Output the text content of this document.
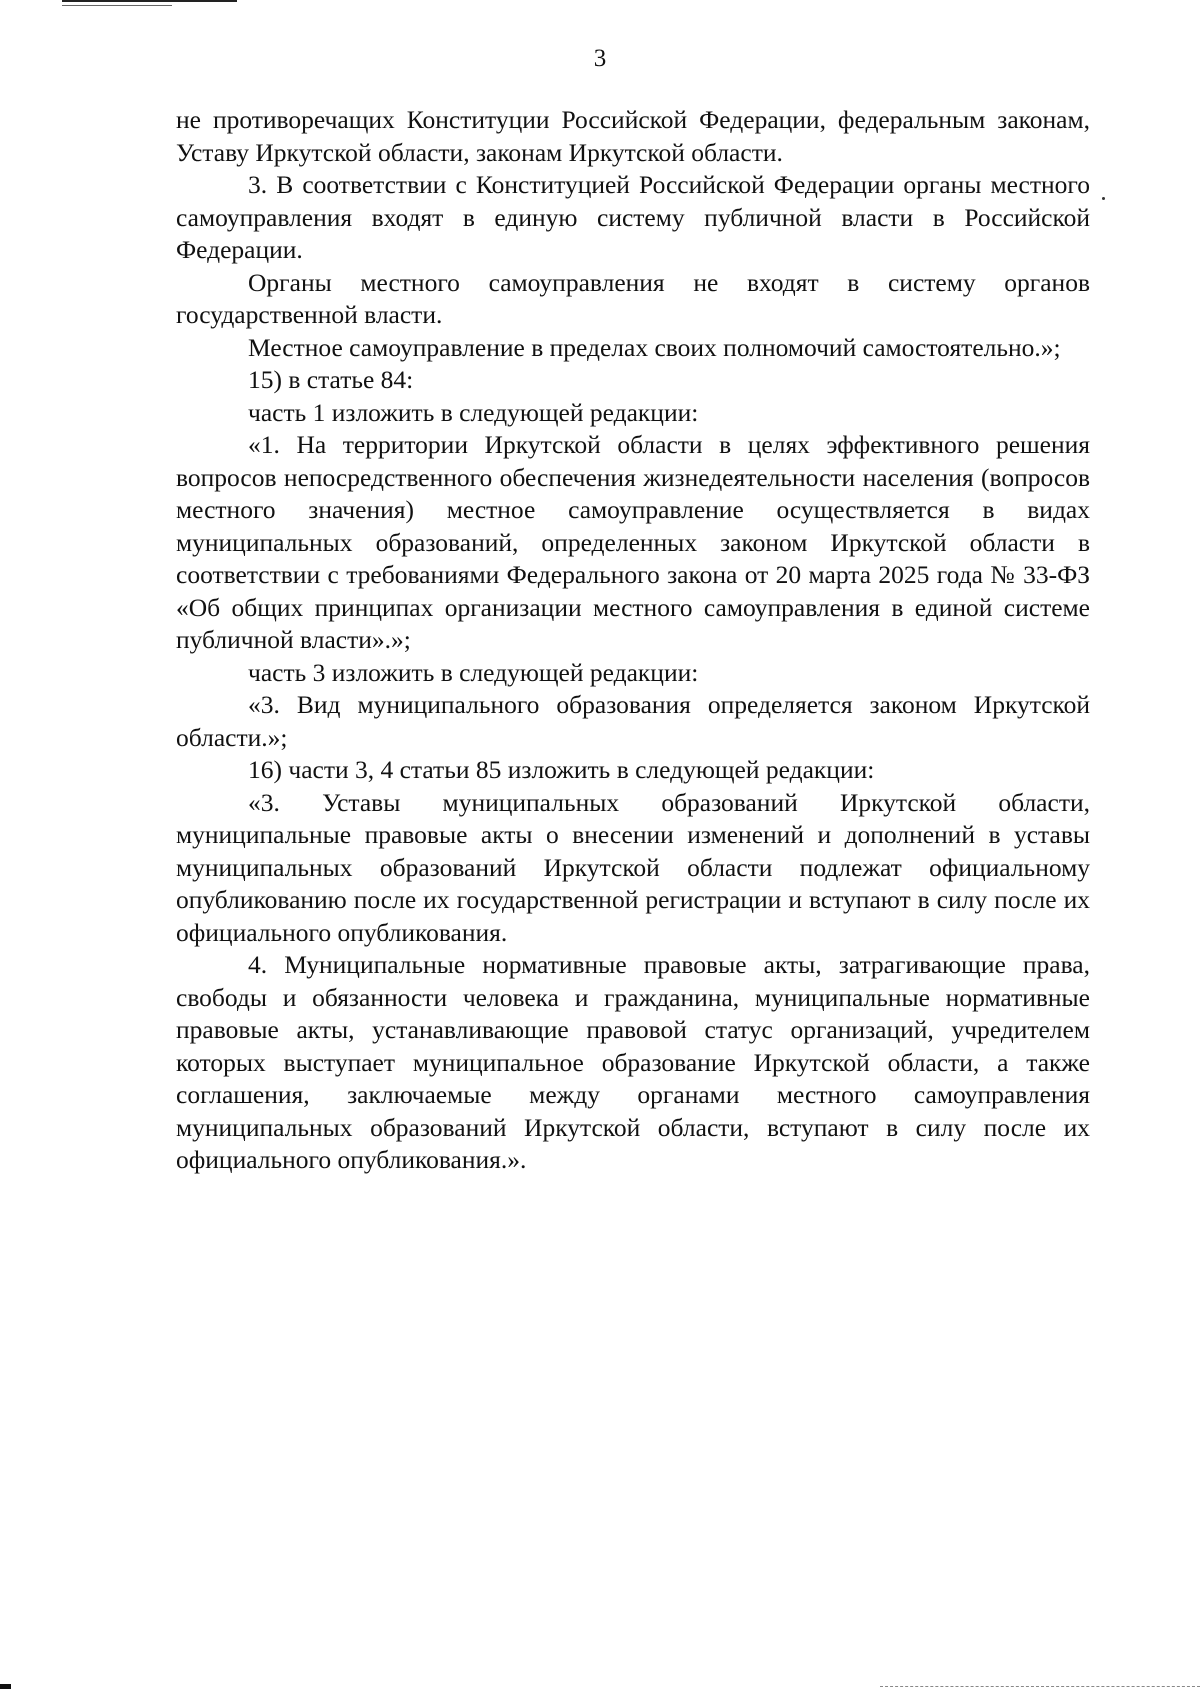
3

не противоречащих Конституции Российской Федерации, федеральным законам, Уставу Иркутской области, законам Иркутской области.

3. В соответствии с Конституцией Российской Федерации органы местного самоуправления входят в единую систему публичной власти в Российской Федерации.

Органы местного самоуправления не входят в систему органов государственной власти.

Местное самоуправление в пределах своих полномочий самостоятельно.»;

15) в статье 84:

часть 1 изложить в следующей редакции:

«1. На территории Иркутской области в целях эффективного решения вопросов непосредственного обеспечения жизнедеятельности населения (вопросов местного значения) местное самоуправление осуществляется в видах муниципальных образований, определенных законом Иркутской области в соответствии с требованиями Федерального закона от 20 марта 2025 года № 33-ФЗ «Об общих принципах организации местного самоуправления в единой системе публичной власти».»;

часть 3 изложить в следующей редакции:

«3. Вид муниципального образования определяется законом Иркутской области.»;

16) части 3, 4 статьи 85 изложить в следующей редакции:

«3. Уставы муниципальных образований Иркутской области, муниципальные правовые акты о внесении изменений и дополнений в уставы муниципальных образований Иркутской области подлежат официальному опубликованию после их государственной регистрации и вступают в силу после их официального опубликования.

4. Муниципальные нормативные правовые акты, затрагивающие права, свободы и обязанности человека и гражданина, муниципальные нормативные правовые акты, устанавливающие правовой статус организаций, учредителем которых выступает муниципальное образование Иркутской области, а также соглашения, заключаемые между органами местного самоуправления муниципальных образований Иркутской области, вступают в силу после их официального опубликования.».
